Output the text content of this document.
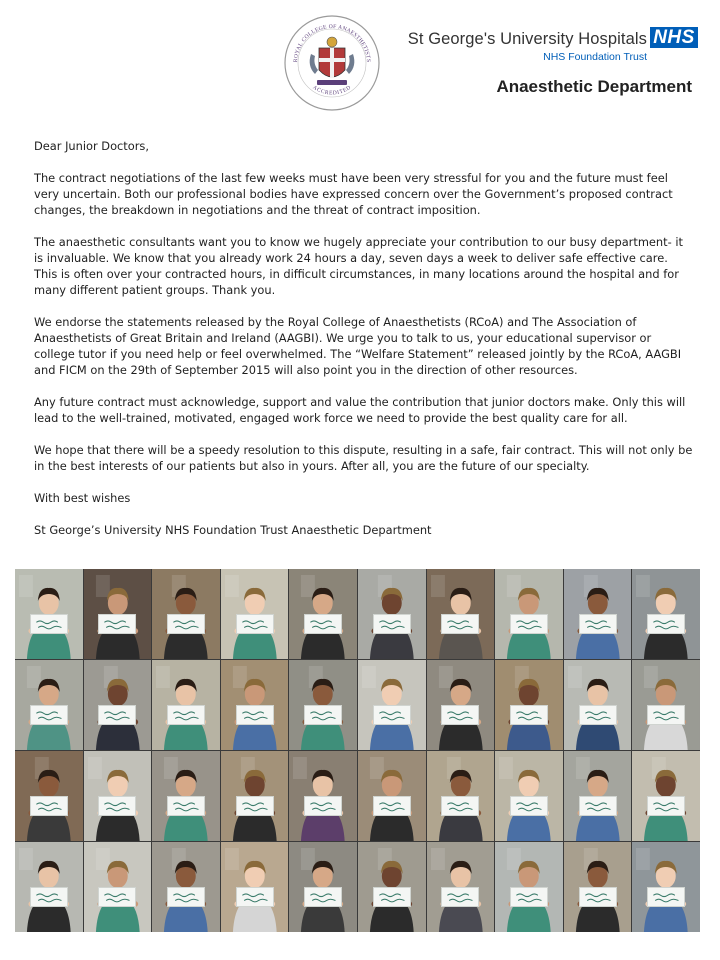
ROYAL COLLEGE OF ANAESTHETISTS
ACCREDITED
St George's University Hospitals NHS
NHS Foundation Trust
Anaesthetic Department

Dear Junior Doctors,

The contract negotiations of the last few weeks must have been very stressful for you and the future must feel very uncertain. Both our professional bodies have expressed concern over the Government’s proposed contract changes, the breakdown in negotiations and the threat of contract imposition.

The anaesthetic consultants want you to know we hugely appreciate your contribution to our busy department- it is invaluable. We know that you already work 24 hours a day, seven days a week to deliver safe effective care. This is often over your contracted hours, in difficult circumstances, in many locations around the hospital and for many different patient groups. Thank you.

We endorse the statements released by the Royal College of Anaesthetists (RCoA) and The Association of Anaesthetists of Great Britain and Ireland (AAGBI). We urge you to talk to us, your educational supervisor or college tutor if you need help or feel overwhelmed. The “Welfare Statement” released jointly by the RCoA, AAGBI and FICM on the 29th of September 2015 will also point you in the direction of other resources.

Any future contract must acknowledge, support and value the contribution that junior doctors make. Only this will lead to the well-trained, motivated, engaged work force we need to provide the best quality care for all.

We hope that there will be a speedy resolution to this dispute, resulting in a safe, fair contract. This will not only be in the best interests of our patients but also in yours. After all, you are the future of our specialty.

With best wishes

St George’s University NHS Foundation Trust Anaesthetic Department
